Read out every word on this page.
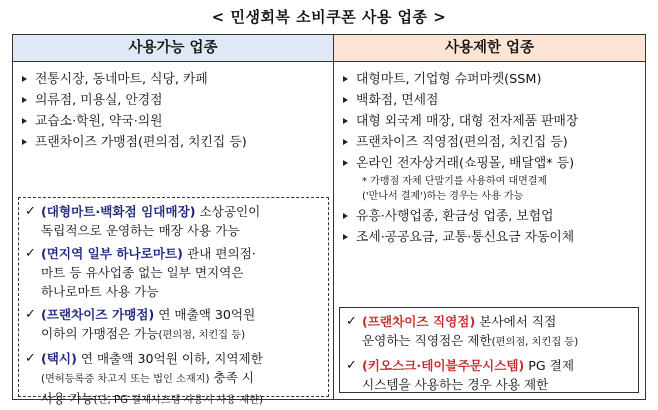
< 민생회복 소비쿠폰 사용 업종 >
사용가능 업종
전통시장, 동네마트, 식당, 카페
의류점, 미용실, 안경점
교습소·학원, 약국·의원
프랜차이즈 가맹점(편의점, 치킨집 등)
✓ (대형마트·백화점 임대매장) 소상공인이
독립적으로 운영하는 매장 사용 가능
✓ (면지역 일부 하나로마트) 관내 편의점·
마트 등 유사업종 없는 일부 면지역은
하나로마트 사용 가능
✓ (프랜차이즈 가맹점) 연 매출액 30억원
이하의 가맹점은 가능(편의점, 치킨집 등)
✓ (택시) 연 매출액 30억원 이하, 지역제한
(면허등록증 차고지 또는 법인 소재지) 충족 시
사용 가능(단, PG 결제시스템 사용시 사용 제한)
사용제한 업종
대형마트, 기업형 슈퍼마켓(SSM)
백화점, 면세점
대형 외국계 매장, 대형 전자제품 판매장
프랜차이즈 직영점(편의점, 치킨집 등)
온라인 전자상거래(쇼핑몰, 배달앱* 등)
* 가맹점 자체 단말기를 사용하여 대면결제
('만나서 결제')하는 경우는 사용 가능
유흥·사행업종, 환금성 업종, 보험업
조세·공공요금, 교통·통신요금 자동이체
✓ (프랜차이즈 직영점) 본사에서 직접
운영하는 직영점은 제한(편의점, 치킨집 등)
✓ (키오스크·테이블주문시스템) PG 결제
시스템을 사용하는 경우 사용 제한
